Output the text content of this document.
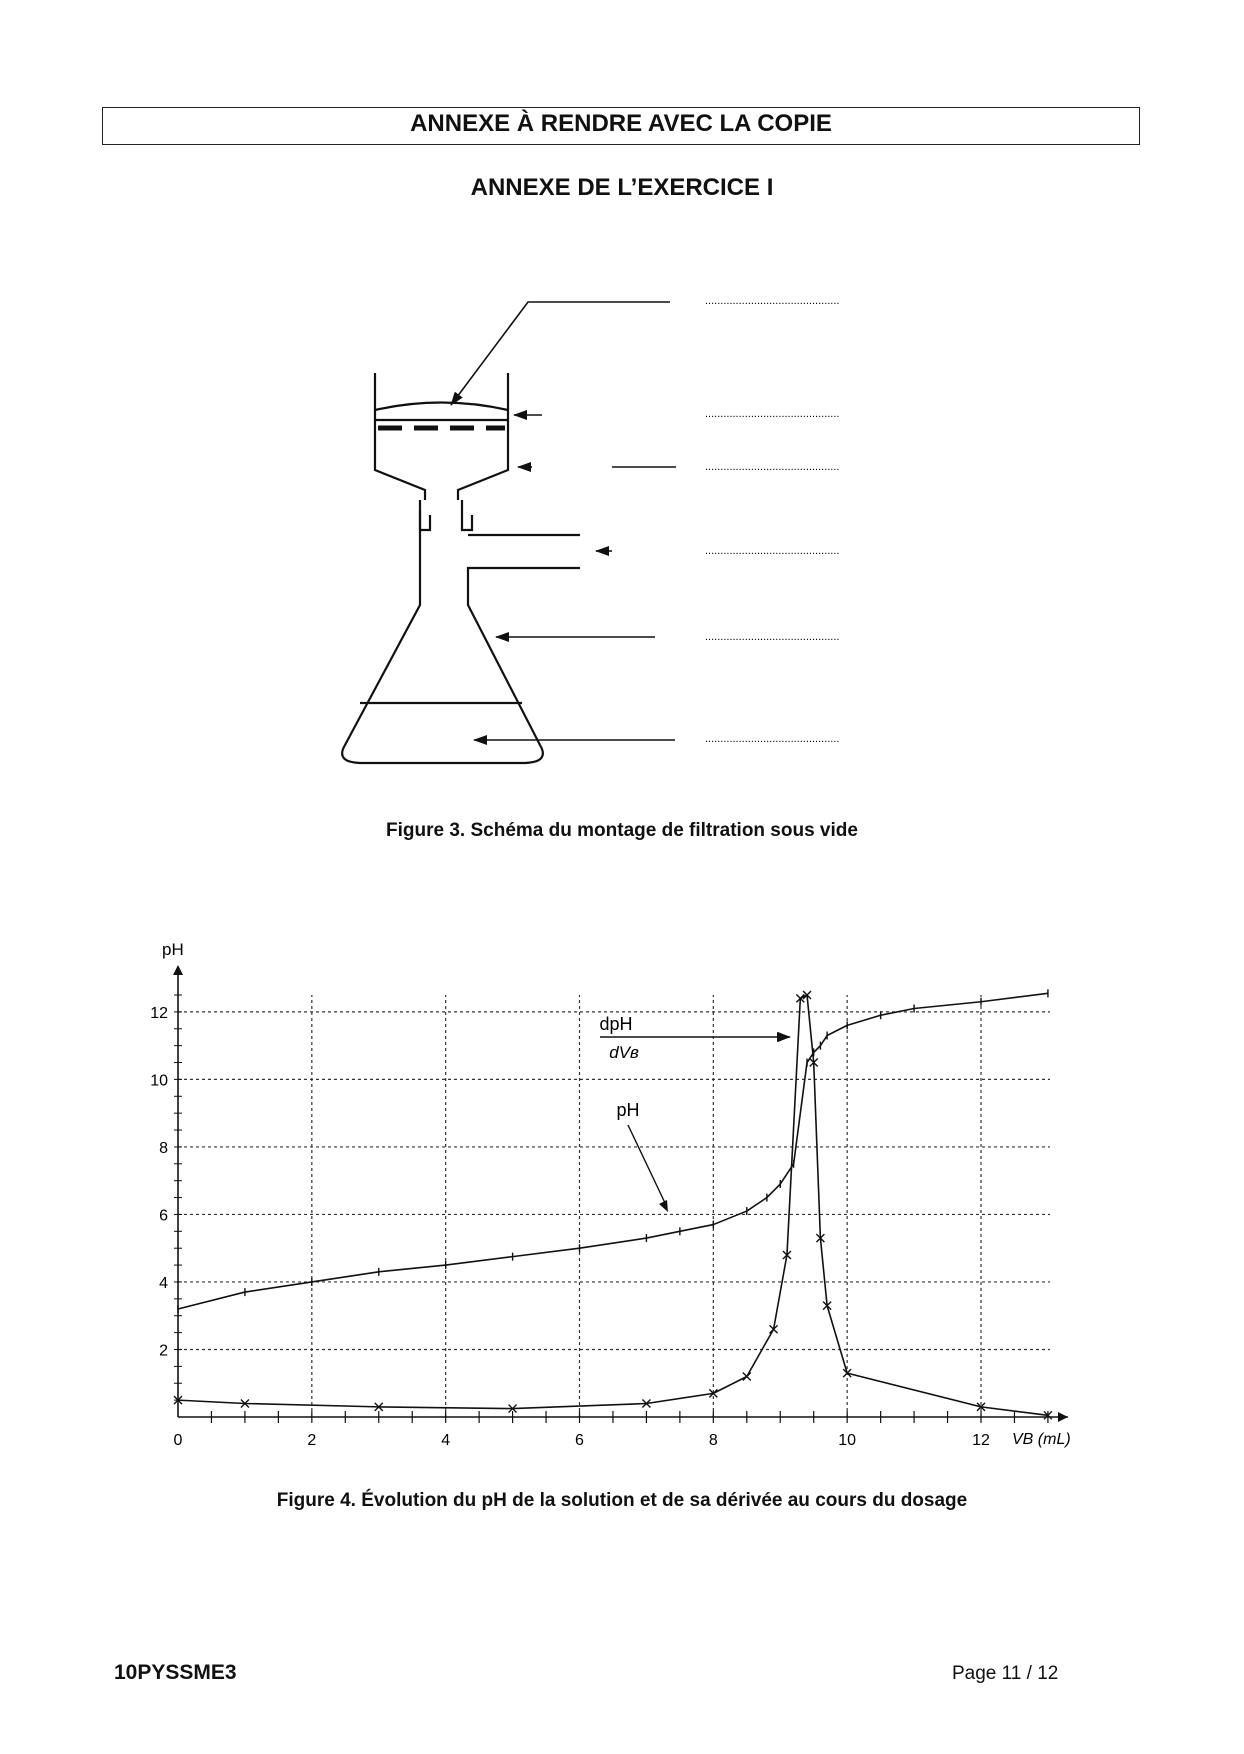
ANNEXE À RENDRE AVEC LA COPIE
ANNEXE DE L’EXERCICE I
............................................
............................................
............................................
............................................
............................................
............................................
Figure 3. Schéma du montage de filtration sous vide
0	2	4	6	8	10	12
2
4
6
8
10
12
pH
VB (mL)
dpH
dVʙ
pH
Figure 4. Évolution du pH de la solution et de sa dérivée au cours du dosage
10PYSSME3	Page 11 / 12
